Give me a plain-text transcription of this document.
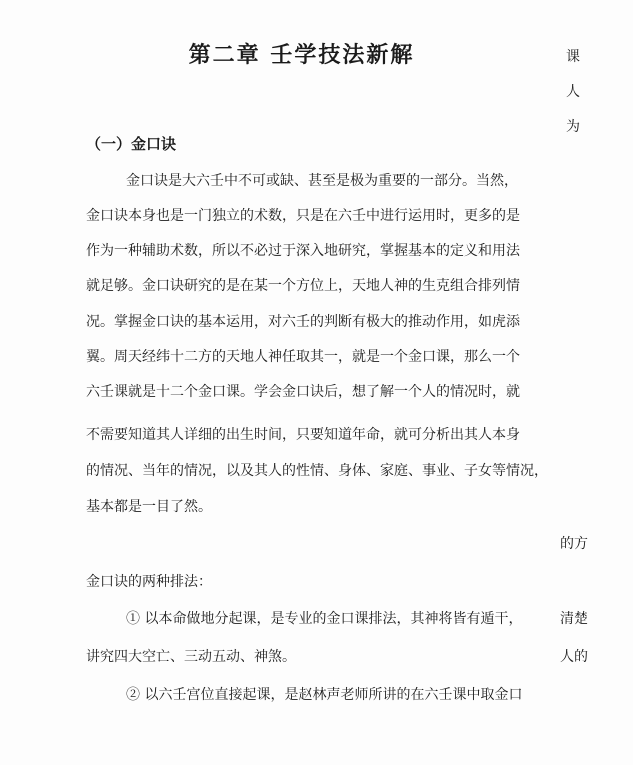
第二章 壬学技法新解
（一）金口诀
金口诀是大六壬中不可或缺、甚至是极为重要的一部分。当然，
金口诀本身也是一门独立的术数，只是在六壬中进行运用时，更多的是
作为一种辅助术数，所以不必过于深入地研究，掌握基本的定义和用法
就足够。金口诀研究的是在某一个方位上，天地人神的生克组合排列情
况。掌握金口诀的基本运用，对六壬的判断有极大的推动作用，如虎添
翼。周天经纬十二方的天地人神任取其一，就是一个金口课，那么一个
六壬课就是十二个金口课。学会金口诀后，想了解一个人的情况时，就
不需要知道其人详细的出生时间，只要知道年命，就可分析出其人本身
的情况、当年的情况，以及其人的性情、身体、家庭、事业、子女等情况，
基本都是一目了然。
金口诀的两种排法：
① 以本命做地分起课，是专业的金口课排法，其神将皆有遁干，
讲究四大空亡、三动五动、神煞。
② 以六壬宫位直接起课，是赵林声老师所讲的在六壬课中取金口
课
人
为
的方
清楚
人的
